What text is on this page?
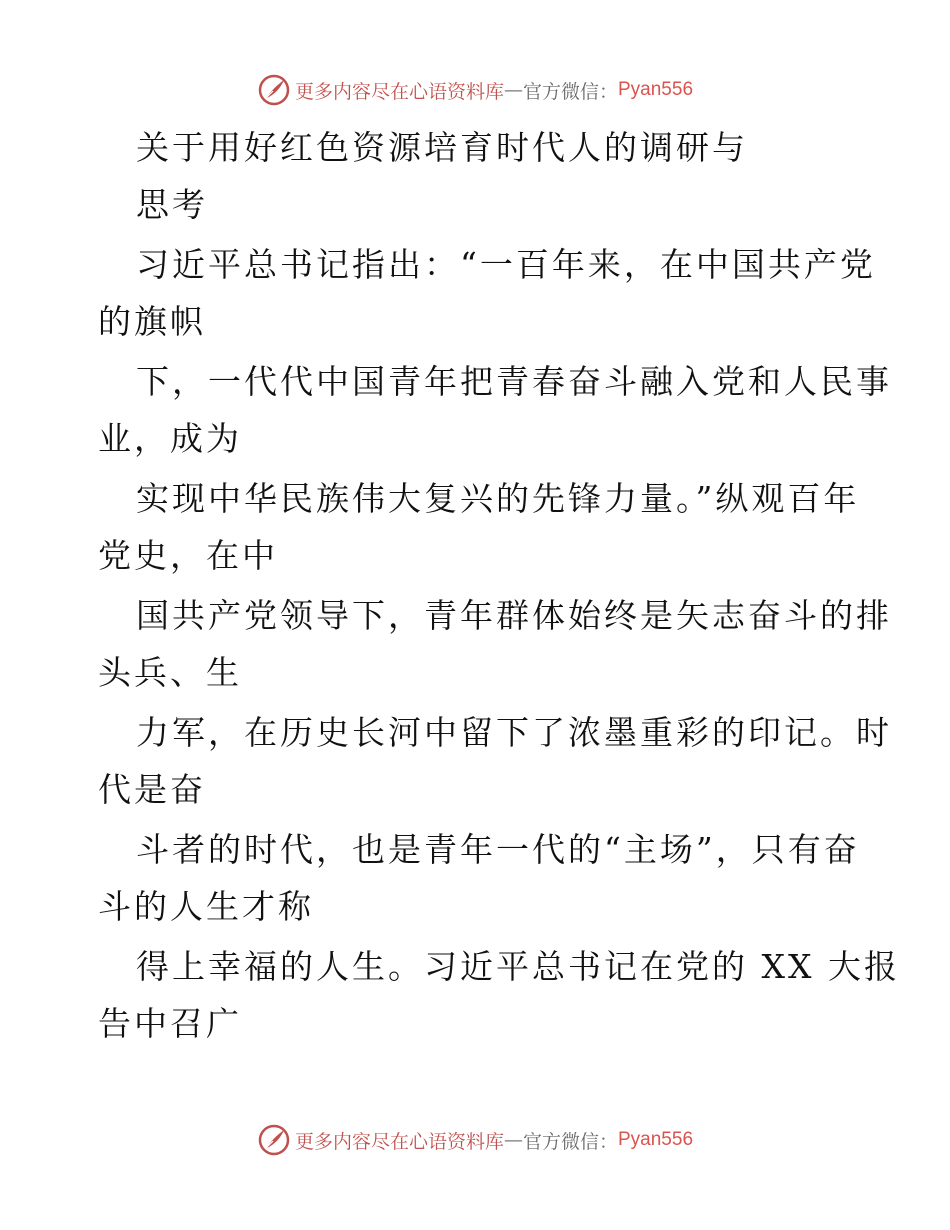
更多内容尽在心语资料库 — 官方微信： Pyan556
关于用好红色资源培育时代人的调研与
思考
习近平总书记指出：“一百年来，在中国共产党
的旗帜
下，一代代中国青年把青春奋斗融入党和人民事
业，成为
实现中华民族伟大复兴的先锋力量。”纵观百年
党史，在中
国共产党领导下，青年群体始终是矢志奋斗的排
头兵、生
力军，在历史长河中留下了浓墨重彩的印记。时
代是奋
斗者的时代，也是青年一代的“主场”，只有奋
斗的人生才称
得上幸福的人生。习近平总书记在党的 XX 大报
告中召广
更多内容尽在心语资料库 — 官方微信： Pyan556
